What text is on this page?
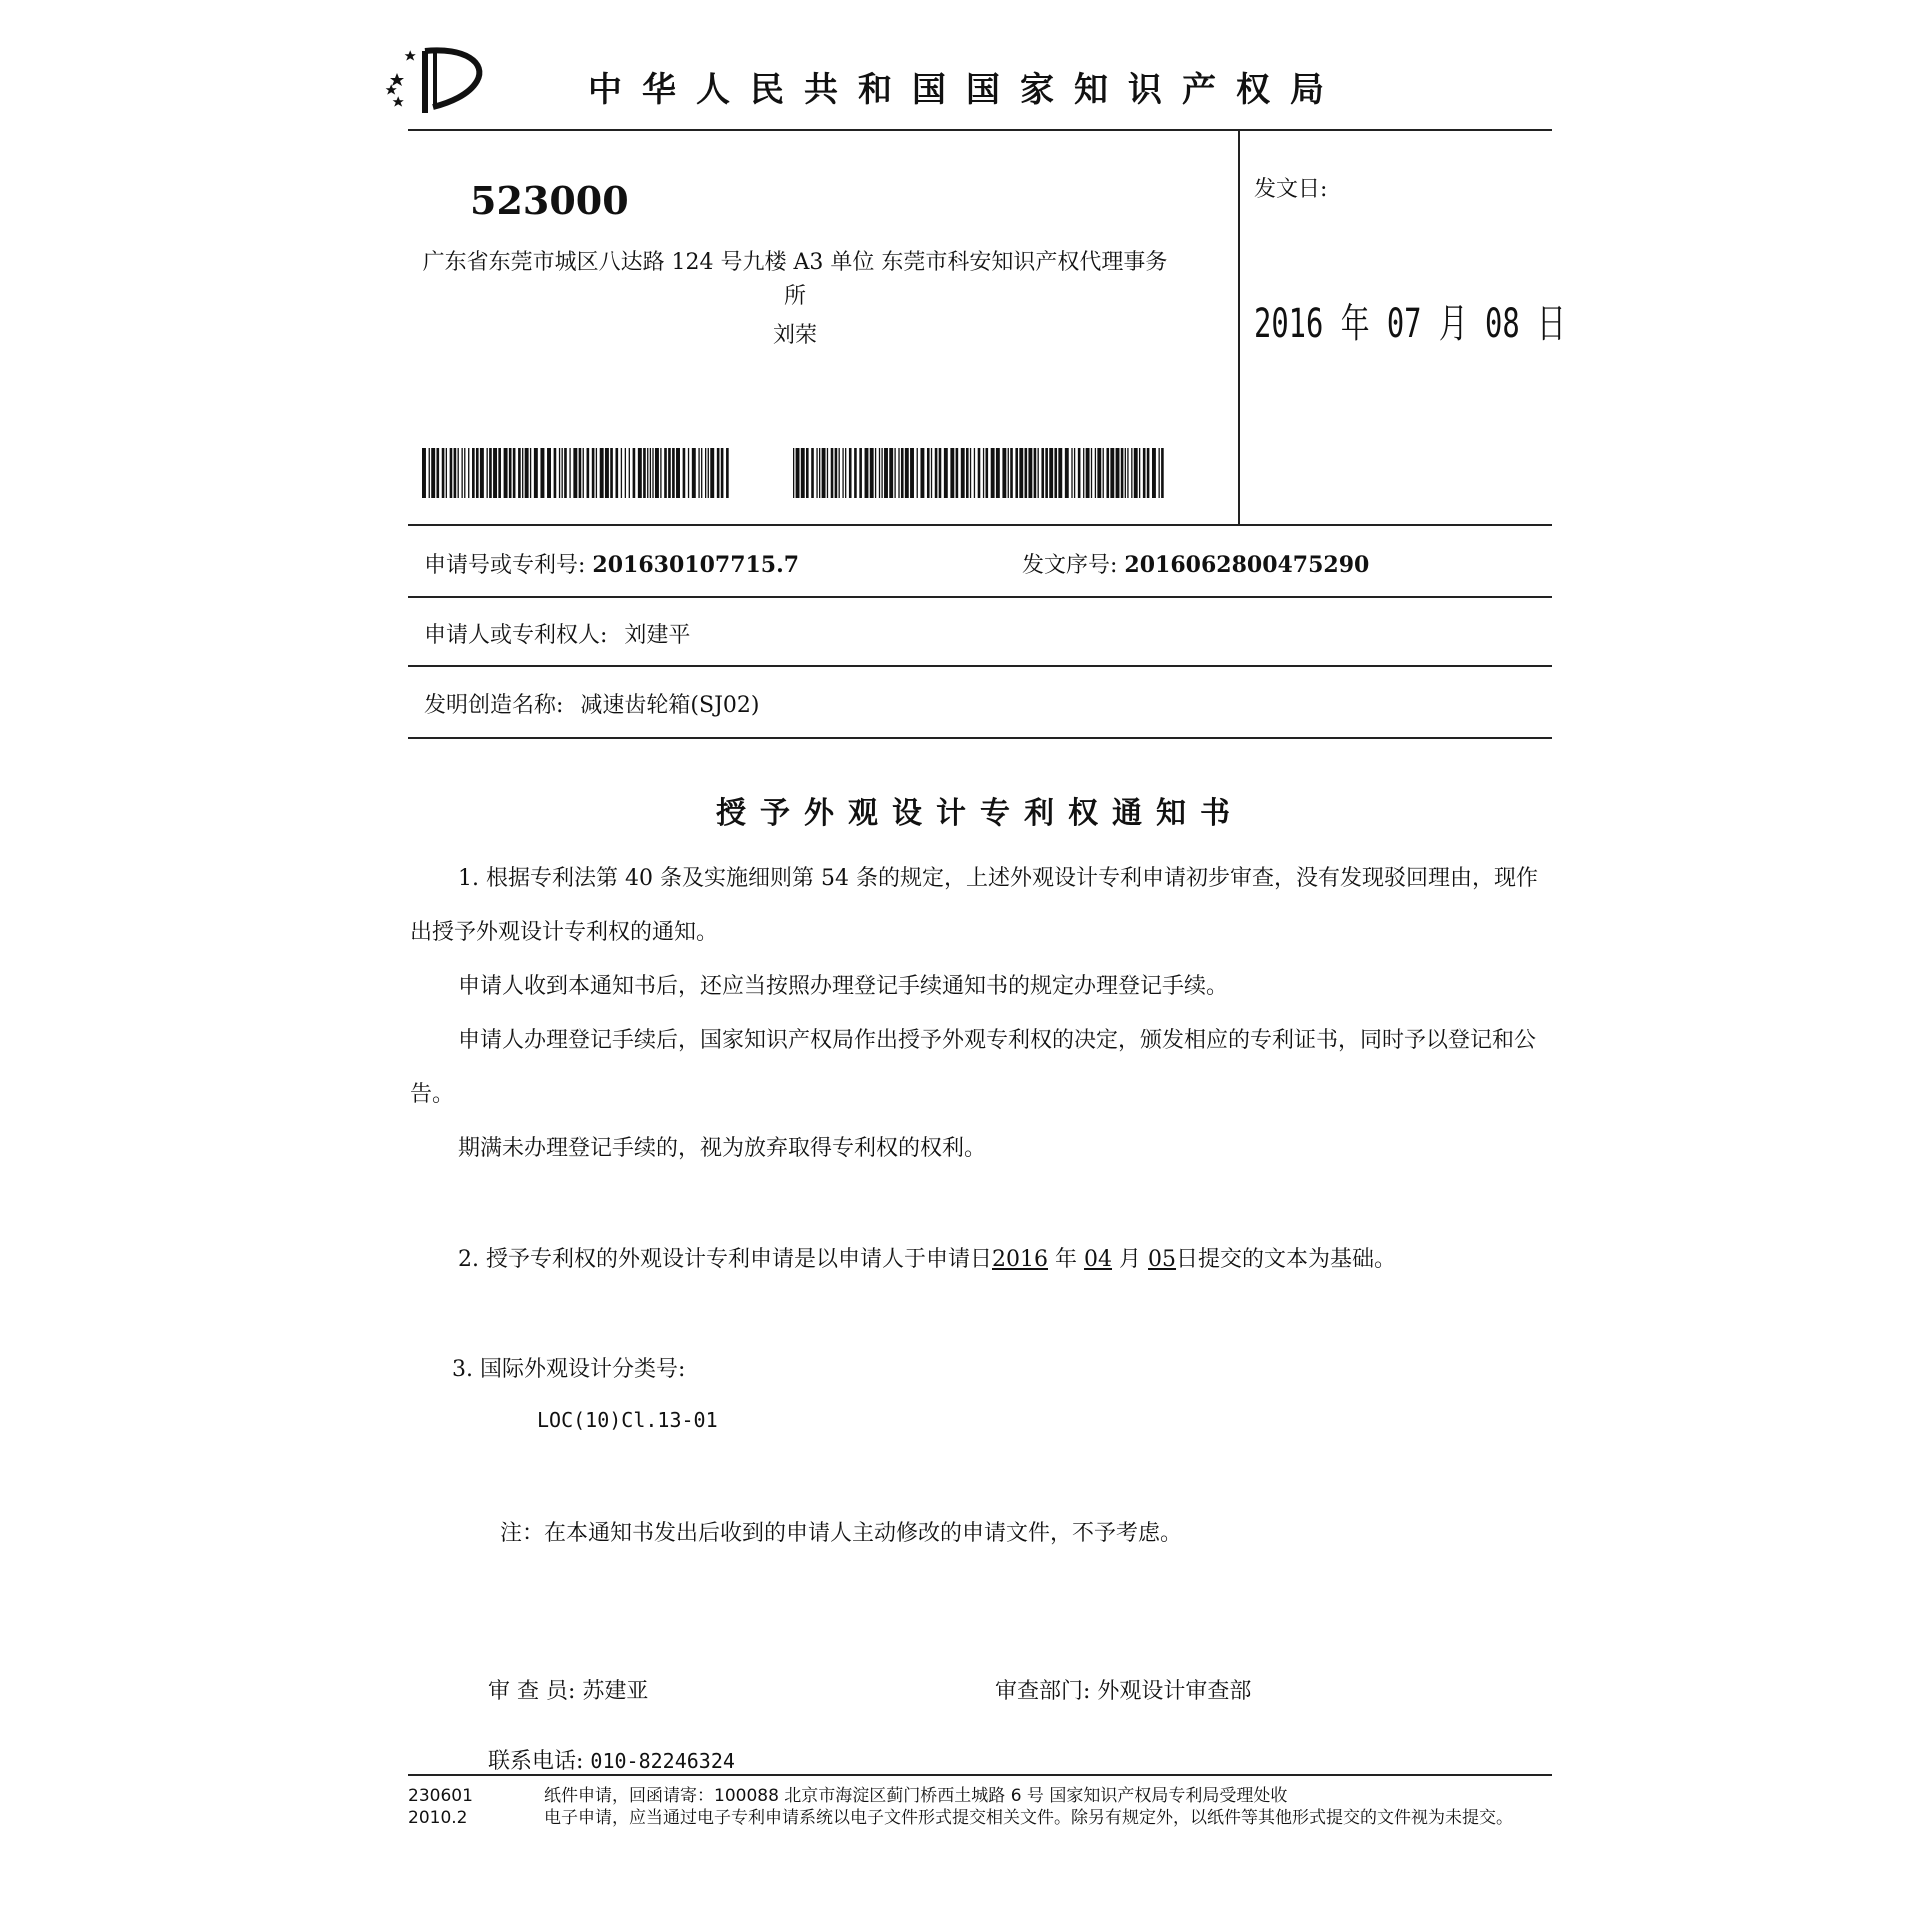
中华人民共和国国家知识产权局
523000
广东省东莞市城区八达路 124 号九楼 A3 单位 东莞市科安知识产权代理事务所
刘荣
发文日:
2016 年 07 月 08 日
申请号或专利号: 201630107715.7	发文序号: 2016062800475290
申请人或专利权人: 刘建平
发明创造名称: 减速齿轮箱(SJ02)
授予外观设计专利权通知书
1. 根据专利法第 40 条及实施细则第 54 条的规定，上述外观设计专利申请初步审查，没有发现驳回理由，现作出授予外观设计专利权的通知。
申请人收到本通知书后，还应当按照办理登记手续通知书的规定办理登记手续。
申请人办理登记手续后，国家知识产权局作出授予外观专利权的决定，颁发相应的专利证书，同时予以登记和公告。
期满未办理登记手续的，视为放弃取得专利权的权利。
2. 授予专利权的外观设计专利申请是以申请人于申请日2016 年 04 月 05日提交的文本为基础。
3. 国际外观设计分类号:
LOC(10)Cl.13-01
注：在本通知书发出后收到的申请人主动修改的申请文件，不予考虑。
审 查 员: 苏建亚	审查部门: 外观设计审查部
联系电话: 010-82246324
230601
2010.2
纸件申请，回函请寄：100088 北京市海淀区蓟门桥西土城路 6 号 国家知识产权局专利局受理处收
电子申请，应当通过电子专利申请系统以电子文件形式提交相关文件。除另有规定外，以纸件等其他形式提交的文件视为未提交。
